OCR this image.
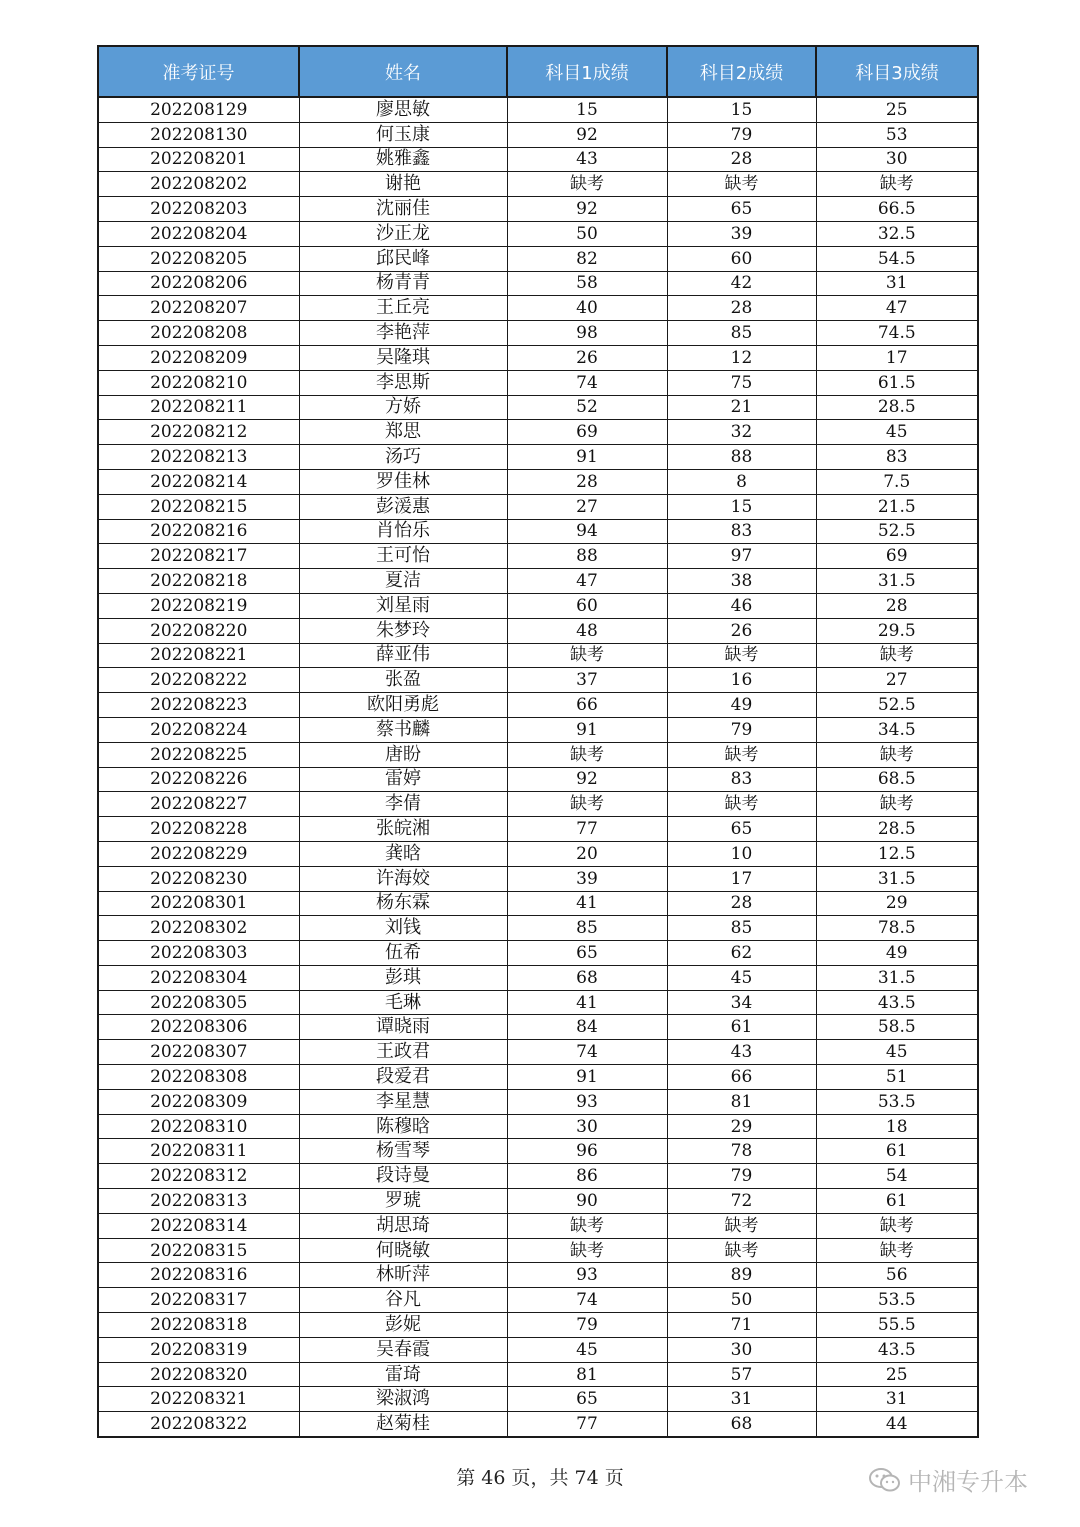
准考证号	姓名	科目1成绩	科目2成绩	科目3成绩
202208129	廖思敏	15	15	25
202208130	何玉康	92	79	53
202208201	姚雅鑫	43	28	30
202208202	谢艳	缺考	缺考	缺考
202208203	沈丽佳	92	65	66.5
202208204	沙正龙	50	39	32.5
202208205	邱民峰	82	60	54.5
202208206	杨青青	58	42	31
202208207	王丘亮	40	28	47
202208208	李艳萍	98	85	74.5
202208209	吴隆琪	26	12	17
202208210	李思斯	74	75	61.5
202208211	方娇	52	21	28.5
202208212	郑思	69	32	45
202208213	汤巧	91	88	83
202208214	罗佳林	28	8	7.5
202208215	彭湲惠	27	15	21.5
202208216	肖怡乐	94	83	52.5
202208217	王可怡	88	97	69
202208218	夏洁	47	38	31.5
202208219	刘星雨	60	46	28
202208220	朱梦玲	48	26	29.5
202208221	薛亚伟	缺考	缺考	缺考
202208222	张盈	37	16	27
202208223	欧阳勇彪	66	49	52.5
202208224	蔡书麟	91	79	34.5
202208225	唐盼	缺考	缺考	缺考
202208226	雷婷	92	83	68.5
202208227	李倩	缺考	缺考	缺考
202208228	张皖湘	77	65	28.5
202208229	龚晗	20	10	12.5
202208230	许海姣	39	17	31.5
202208301	杨东霖	41	28	29
202208302	刘钱	85	85	78.5
202208303	伍希	65	62	49
202208304	彭琪	68	45	31.5
202208305	毛琳	41	34	43.5
202208306	谭晓雨	84	61	58.5
202208307	王政君	74	43	45
202208308	段爱君	91	66	51
202208309	李星慧	93	81	53.5
202208310	陈穆晗	30	29	18
202208311	杨雪琴	96	78	61
202208312	段诗曼	86	79	54
202208313	罗琥	90	72	61
202208314	胡思琦	缺考	缺考	缺考
202208315	何晓敏	缺考	缺考	缺考
202208316	林昕萍	93	89	56
202208317	谷凡	74	50	53.5
202208318	彭妮	79	71	55.5
202208319	吴春霞	45	30	43.5
202208320	雷琦	81	57	25
202208321	梁淑鸿	65	31	31
202208322	赵菊桂	77	68	44
第 46 页，共 74 页	中湘专升本
